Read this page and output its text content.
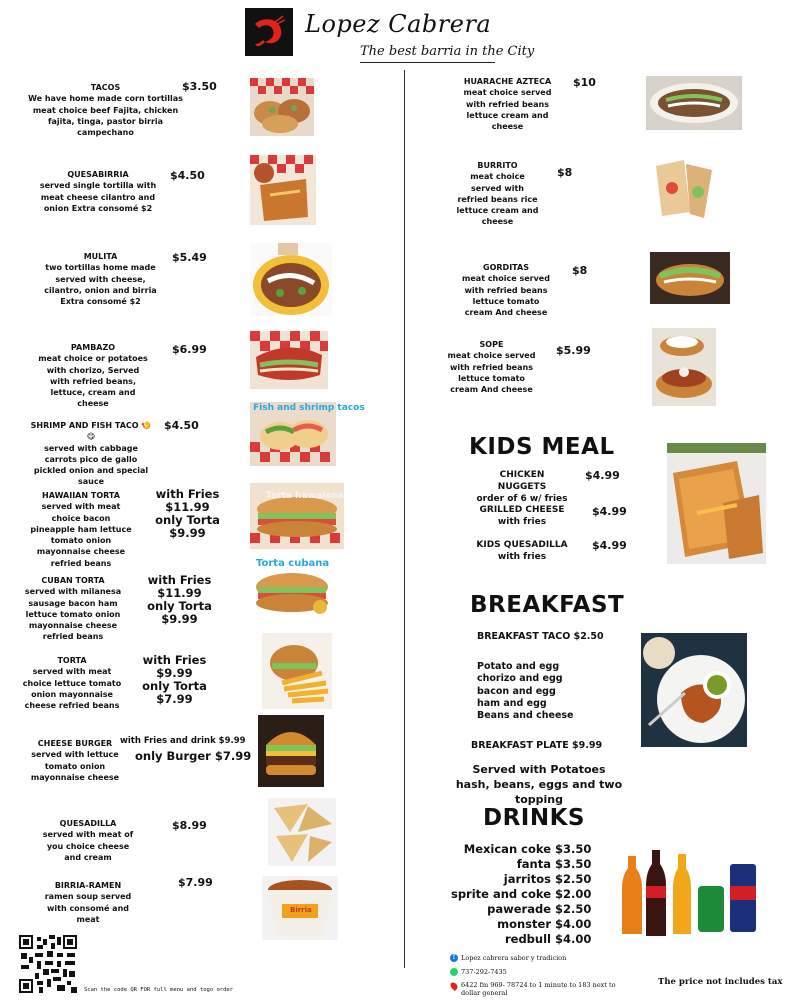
Lopez Cabrera
The best barria in the City
TACOS
We have home made corn tortillas meat choice beef Fajita, chicken fajita, tinga, pastor birria campechano
$3.50
QUESABIRRIA
served single tortilla with meat cheese cilantro and onion Extra consomé $2
$4.50
MULITA
two tortillas home made served with cheese, cilantro, onion and birria Extra consomé $2
$5.49
PAMBAZO
meat choice or potatoes with chorizo, Served with refried beans, lettuce, cream and cheese
$6.99
SHRIMP AND FISH TACO 🍤😋
served with cabbage carrots pico de gallo pickled onion and special sauce
$4.50
Fish and shrimp tacos
HAWAIIAN TORTA
served with meat choice bacon pineapple ham lettuce tomato onion mayonnaise cheese refried beans
with Fries $11.99
only Torta $9.99
Torta hawaiana
CUBAN TORTA
served with milanesa sausage bacon ham lettuce tomato onion mayonnaise cheese refried beans
with Fries $11.99
only Torta $9.99
Torta cubana
TORTA
served with meat choice lettuce tomato onion mayonnaise cheese refried beans
with Fries $9.99
only Torta $7.99
CHEESE BURGER
served with lettuce tomato onion mayonnaise cheese
with Fries and drink $9.99
only Burger $7.99
QUESADILLA
served with meat of you choice cheese and cream
$8.99
BIRRIA-RAMEN
ramen soup served with consomé and meat
$7.99
Birria
Scan the code QR FOR full menu and togo order
HUARACHE AZTECA
meat choice served with refried beans lettuce cream and cheese
$10
BURRITO
meat choice served with refried beans rice lettuce cream and cheese
$8
GORDITAS
meat choice served with refried beans lettuce tomato cream And cheese
$8
SOPE
meat choice served with refried beans lettuce tomato cream And cheese
$5.99
KIDS MEAL
CHICKEN NUGGETS
order of 6 w/ fries
$4.99
GRILLED CHEESE
with fries
$4.99
KIDS QUESADILLA
with fries
$4.99
BREAKFAST
BREAKFAST TACO $2.50
Potato and egg
chorizo and egg
bacon and egg
ham and egg
Beans and cheese
BREAKFAST PLATE $9.99
Served with Potatoes hash, beans, eggs and two topping
DRINKS
Mexican coke $3.50
fanta $3.50
jarritos $2.50
sprite and coke $2.00
pawerade $2.50
monster $4.00
redbull $4.00
f Lopez cabrera sabor y tradicion
737-292-7435
6422 fm 969- 78724 to 1 minute to 183 next to dollar general
The price not includes tax
